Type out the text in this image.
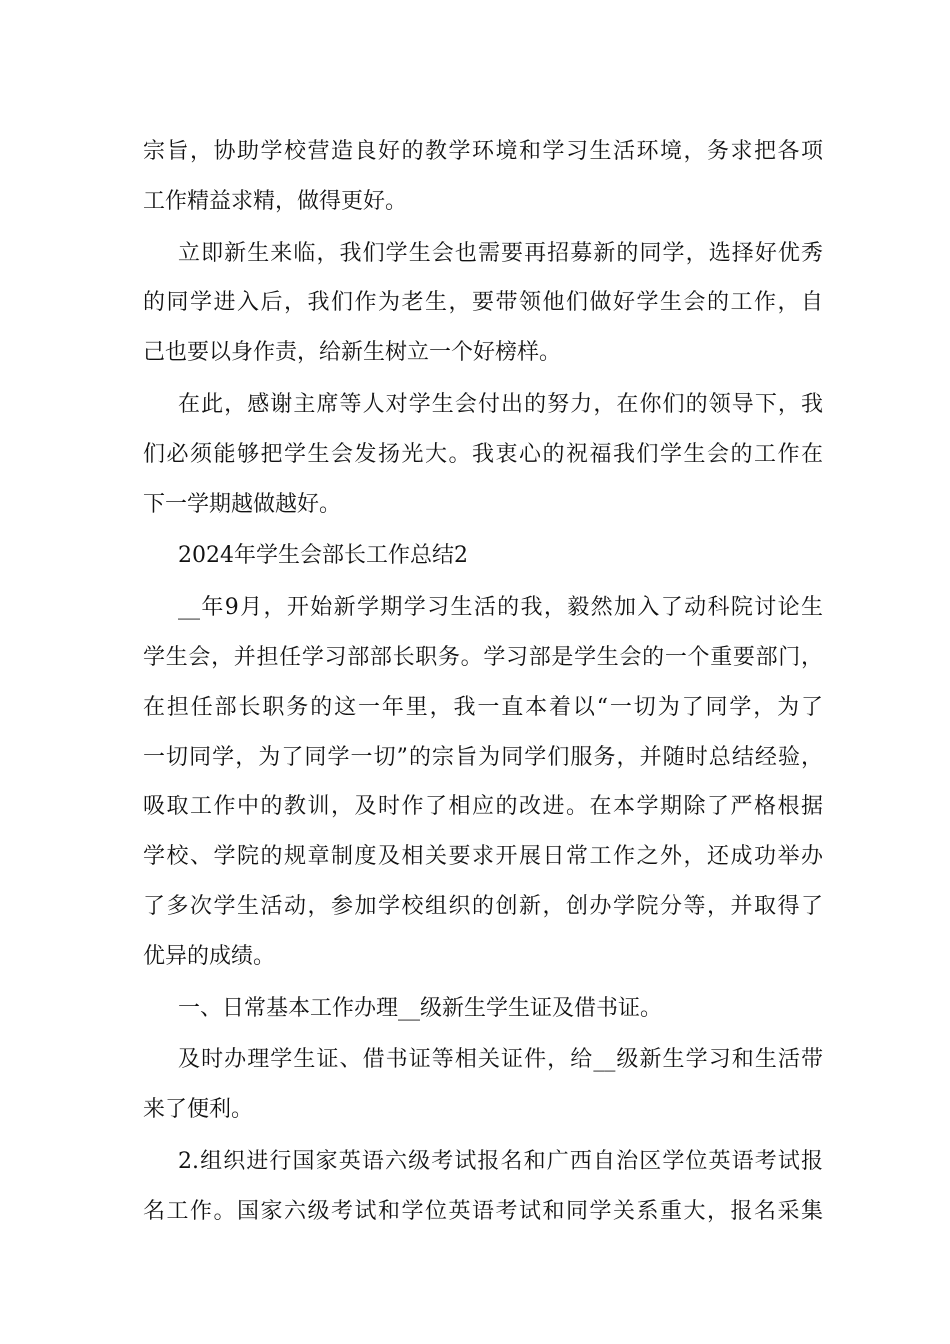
宗旨，协助学校营造良好的教学环境和学习生活环境，务求把各项
工作精益求精，做得更好。
立即新生来临，我们学生会也需要再招募新的同学，选择好优秀
的同学进入后，我们作为老生，要带领他们做好学生会的工作，自
己也要以身作责，给新生树立一个好榜样。
在此，感谢主席等人对学生会付出的努力，在你们的领导下，我
们必须能够把学生会发扬光大。我衷心的祝福我们学生会的工作在
下一学期越做越好。
2024年学生会部长工作总结2
__年9月，开始新学期学习生活的我，毅然加入了动科院讨论生
学生会，并担任学习部部长职务。学习部是学生会的一个重要部门，
在担任部长职务的这一年里，我一直本着以“一切为了同学，为了
一切同学，为了同学一切”的宗旨为同学们服务，并随时总结经验，
吸取工作中的教训，及时作了相应的改进。在本学期除了严格根据
学校、学院的规章制度及相关要求开展日常工作之外，还成功举办
了多次学生活动，参加学校组织的创新，创办学院分等，并取得了
优异的成绩。
一、日常基本工作办理__级新生学生证及借书证。
及时办理学生证、借书证等相关证件，给__级新生学习和生活带
来了便利。
2.组织进行国家英语六级考试报名和广西自治区学位英语考试报
名工作。国家六级考试和学位英语考试和同学关系重大，报名采集
